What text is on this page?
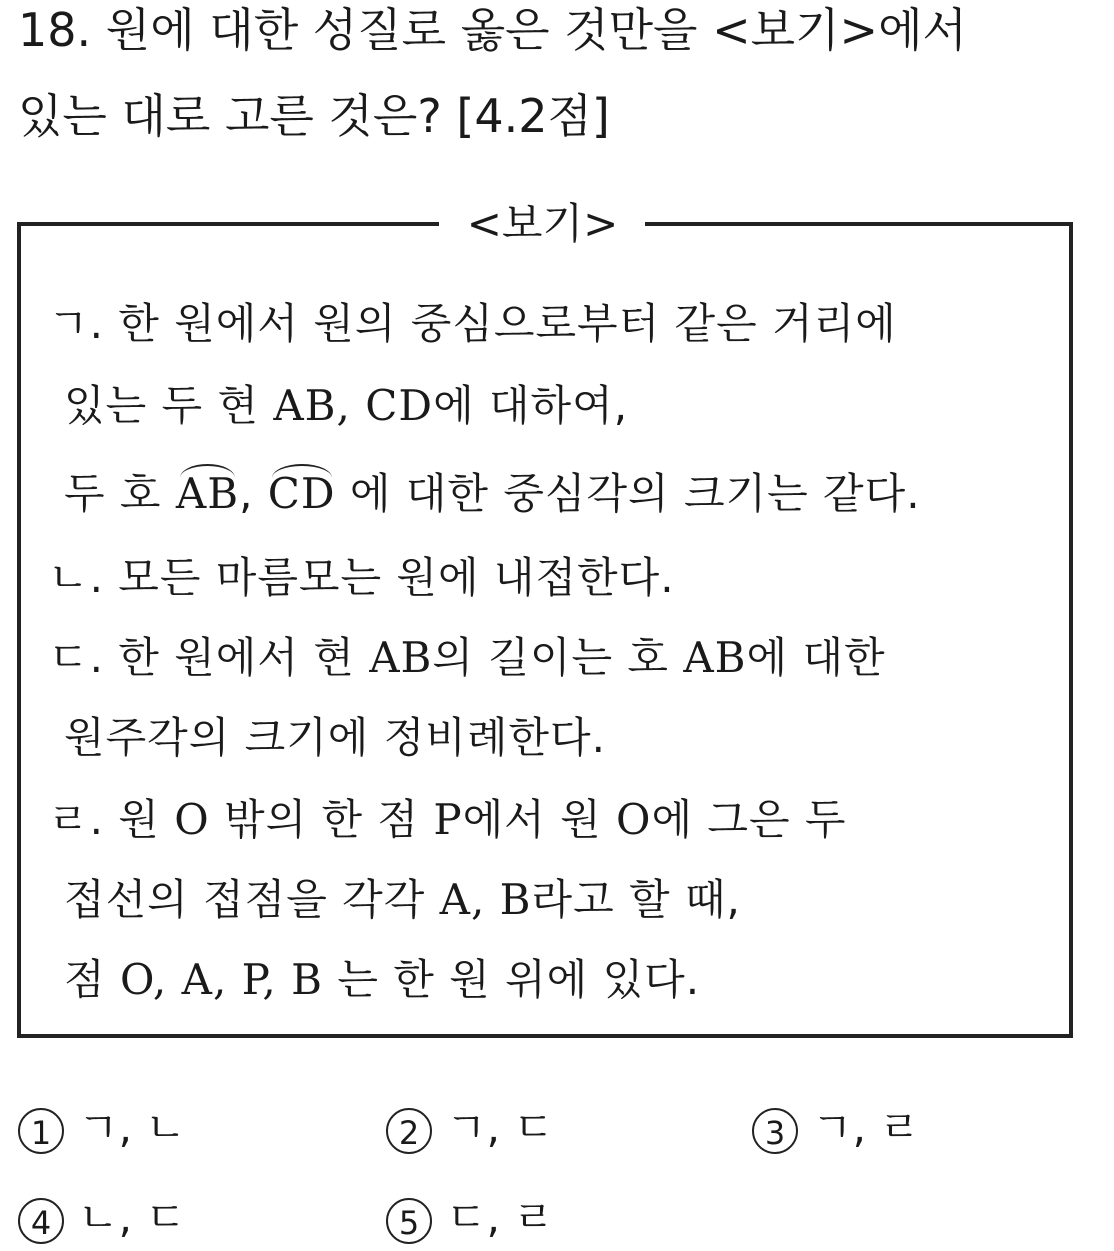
18. 원에 대한 성질로 옳은 것만을 <보기>에서
있는 대로 고른 것은? [4.2점]
<보기>
ㄱ. 한 원에서 원의 중심으로부터 같은 거리에
있는 두 현 AB, CD에 대하여,
두 호 AB, CD 에 대한 중심각의 크기는 같다.
ㄴ. 모든 마름모는 원에 내접한다.
ㄷ. 한 원에서 현 AB의 길이는 호 AB에 대한
원주각의 크기에 정비례한다.
ㄹ. 원 O 밖의 한 점 P에서 원 O에 그은 두
접선의 접점을 각각 A, B라고 할 때,
점 O, A, P, B 는 한 원 위에 있다.
1 ㄱ, ㄴ	2 ㄱ, ㄷ	3 ㄱ, ㄹ
4 ㄴ, ㄷ	5 ㄷ, ㄹ
